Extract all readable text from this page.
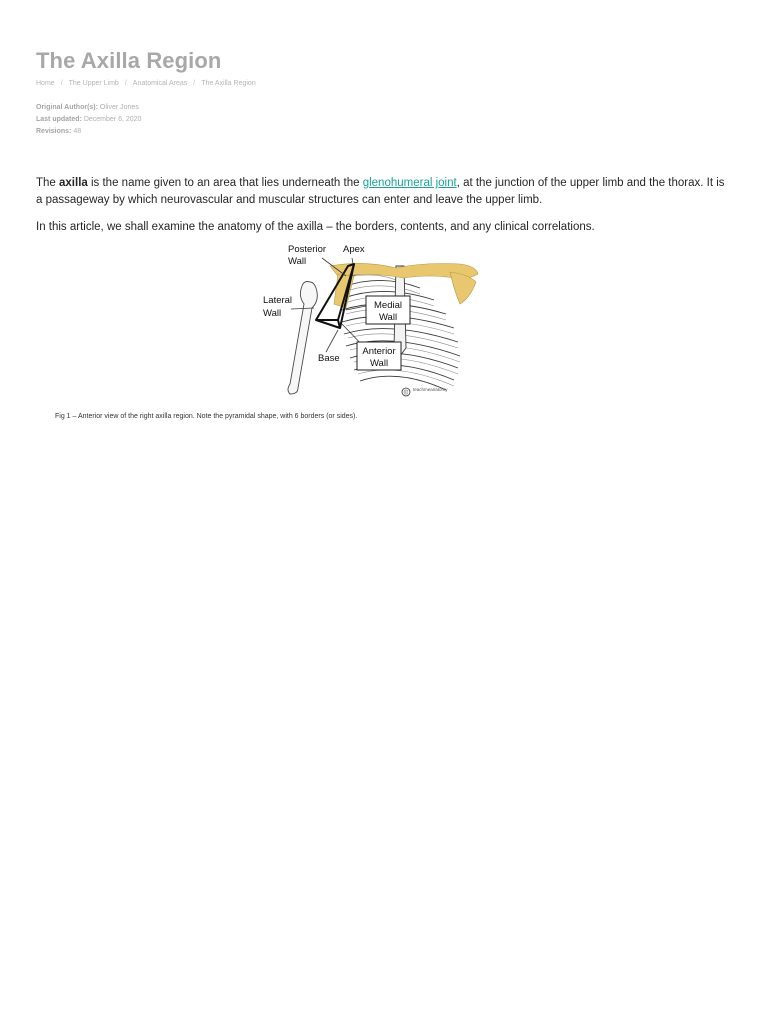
The Axilla Region
Home / The Upper Limb / Anatomical Areas / The Axilla Region
Original Author(s): Oliver Jones
Last updated: December 6, 2020
Revisions: 48

The axilla is the name given to an area that lies underneath the glenohumeral joint, at the junction of the upper limb and the thorax. It is a passageway by which neurovascular and muscular structures can enter and leave the upper limb.

In this article, we shall examine the anatomy of the axilla – the borders, contents, and any clinical correlations.

Posterior
Wall
Apex
Lateral
Wall
Medial
Wall
Base
Anterior
Wall
©
teachmeanatomy
Fig 1 – Anterior view of the right axilla region. Note the pyramidal shape, with 6 borders (or sides).
